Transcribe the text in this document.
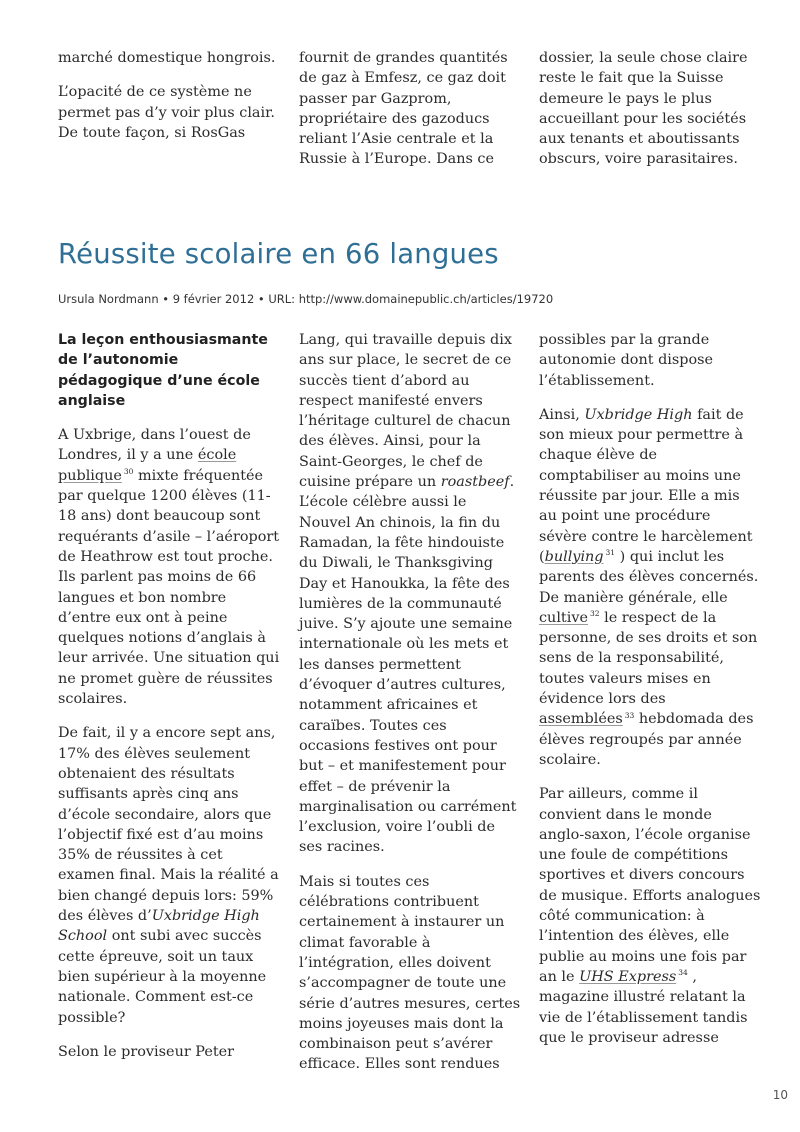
marché domestique hongrois.

L’opacité de ce système ne permet pas d’y voir plus clair. De toute façon, si RosGas

fournit de grandes quantités de gaz à Emfesz, ce gaz doit passer par Gazprom, propriétaire des gazoducs reliant l’Asie centrale et la Russie à l’Europe. Dans ce

dossier, la seule chose claire reste le fait que la Suisse demeure le pays le plus accueillant pour les sociétés aux tenants et aboutissants obscurs, voire parasitaires.

Réussite scolaire en 66 langues
Ursula Nordmann • 9 février 2012 • URL: http://www.domainepublic.ch/articles/19720

La leçon enthousiasmante de l’autonomie pédagogique d’une école anglaise

A Uxbrige, dans l’ouest de Londres, il y a une école publique $^{30}$ mixte fréquentée par quelque 1200 élèves (11-18 ans) dont beaucoup sont requérants d’asile – l’aéroport de Heathrow est tout proche. Ils parlent pas moins de 66 langues et bon nombre d’entre eux ont à peine quelques notions d’anglais à leur arrivée. Une situation qui ne promet guère de réussites scolaires.

De fait, il y a encore sept ans, 17% des élèves seulement obtenaient des résultats suffisants après cinq ans d’école secondaire, alors que l’objectif fixé est d’au moins 35% de réussites à cet examen final. Mais la réalité a bien changé depuis lors: 59% des élèves d’Uxbridge High School ont subi avec succès cette épreuve, soit un taux bien supérieur à la moyenne nationale. Comment est-ce possible?

Selon le proviseur Peter

Lang, qui travaille depuis dix ans sur place, le secret de ce succès tient d’abord au respect manifesté envers l’héritage culturel de chacun des élèves. Ainsi, pour la Saint-Georges, le chef de cuisine prépare un roastbeef. L’école célèbre aussi le Nouvel An chinois, la fin du Ramadan, la fête hindouiste du Diwali, le Thanksgiving Day et Hanoukka, la fête des lumières de la communauté juive. S’y ajoute une semaine internationale où les mets et les danses permettent d’évoquer d’autres cultures, notamment africaines et caraïbes. Toutes ces occasions festives ont pour but – et manifestement pour effet – de prévenir la marginalisation ou carrément l’exclusion, voire l’oubli de ses racines.

Mais si toutes ces célébrations contribuent certainement à instaurer un climat favorable à l’intégration, elles doivent s’accompagner de toute une série d’autres mesures, certes moins joyeuses mais dont la combinaison peut s’avérer efficace. Elles sont rendues

possibles par la grande autonomie dont dispose l’établissement.

Ainsi, Uxbridge High fait de son mieux pour permettre à chaque élève de comptabiliser au moins une réussite par jour. Elle a mis au point une procédure sévère contre le harcèlement (bullying $^{31}$ ) qui inclut les parents des élèves concernés. De manière générale, elle cultive $^{32}$ le respect de la personne, de ses droits et son sens de la responsabilité, toutes valeurs mises en évidence lors des assemblées $^{33}$ hebdomada des élèves regroupés par année scolaire.

Par ailleurs, comme il convient dans le monde anglo-saxon, l’école organise une foule de compétitions sportives et divers concours de musique. Efforts analogues côté communication: à l’intention des élèves, elle publie au moins une fois par an le UHS Express $^{34}$ , magazine illustré relatant la vie de l’établissement tandis que le proviseur adresse

10
